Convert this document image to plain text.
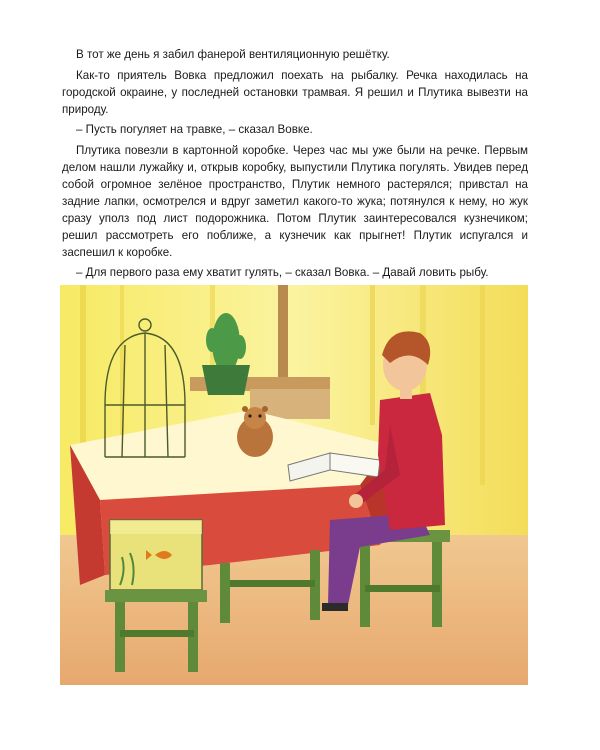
В тот же день я забил фанерой вентиляционную решётку.

Как-то приятель Вовка предложил поехать на рыбалку. Речка находилась на городской окраине, у последней остановки трамвая. Я решил и Плутика вывезти на природу.

– Пусть погуляет на травке, – сказал Вовке.

Плутика повезли в картонной коробке. Через час мы уже были на речке. Первым делом нашли лужайку и, открыв коробку, выпустили Плутика погулять. Увидев перед собой огромное зелёное пространство, Плутик немного растерялся; привстал на задние лапки, осмотрелся и вдруг заметил какого-то жука; потянулся к нему, но жук сразу уполз под лист подорожника. Потом Плутик заинтересовался кузнечиком; решил рассмотреть его поближе, а кузнечик как прыгнет! Плутик испугался и заспешил к коробке.

– Для первого раза ему хватит гулять, – сказал Вовка. – Давай ловить рыбу.
